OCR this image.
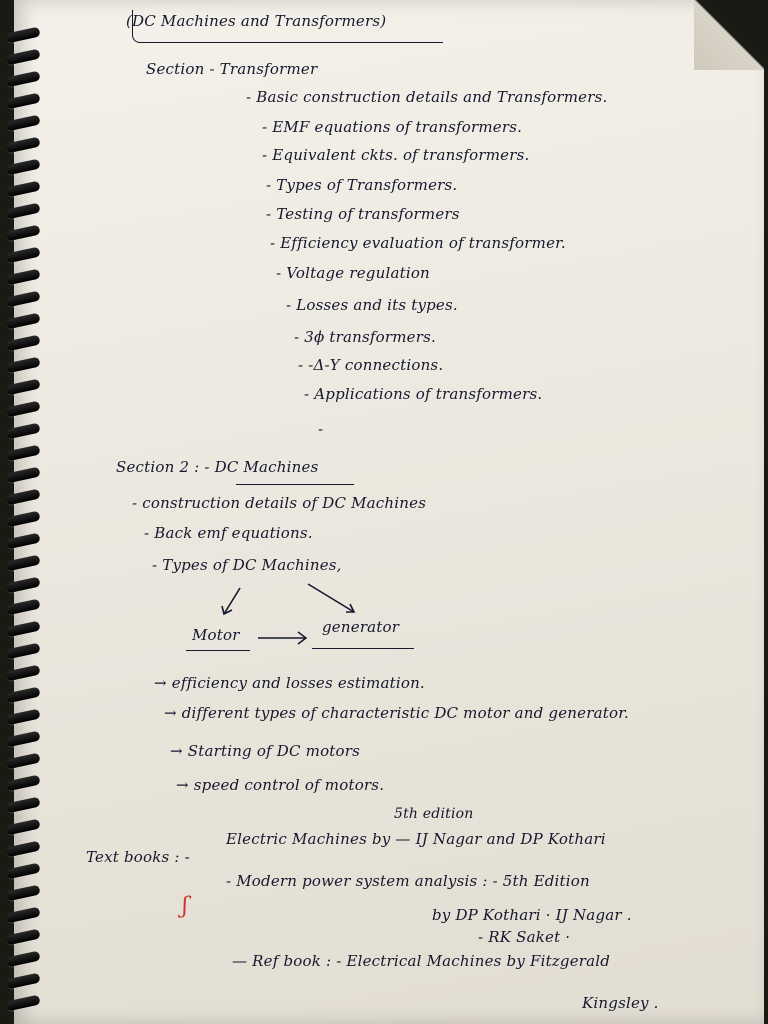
(DC Machines and Transformers)
Section - Transformer
- Basic construction details and Transformers.
- EMF equations of transformers.
- Equivalent ckts. of transformers.
- Types of Transformers.
- Testing of transformers
- Efficiency evaluation of transformer.
- Voltage regulation
- Losses and its types.
- 3ϕ transformers.
- -Δ-Y connections.
- Applications of transformers.
-
Section 2 : - DC Machines
- construction details of DC Machines
- Back emf equations.
- Types of DC Machines,
Motor	generator
→ efficiency and losses estimation.
→ different types of characteristic DC motor and generator.
→ Starting of DC motors
→ speed control of motors.
5th edition
Text books : -
Electric Machines by — IJ Nagar and DP Kothari
- Modern power system analysis : - 5th Edition
by DP Kothari · IJ Nagar .
- RK Saket ·
— Ref book : - Electrical Machines by Fitzgerald
Kingsley .
ʃ
